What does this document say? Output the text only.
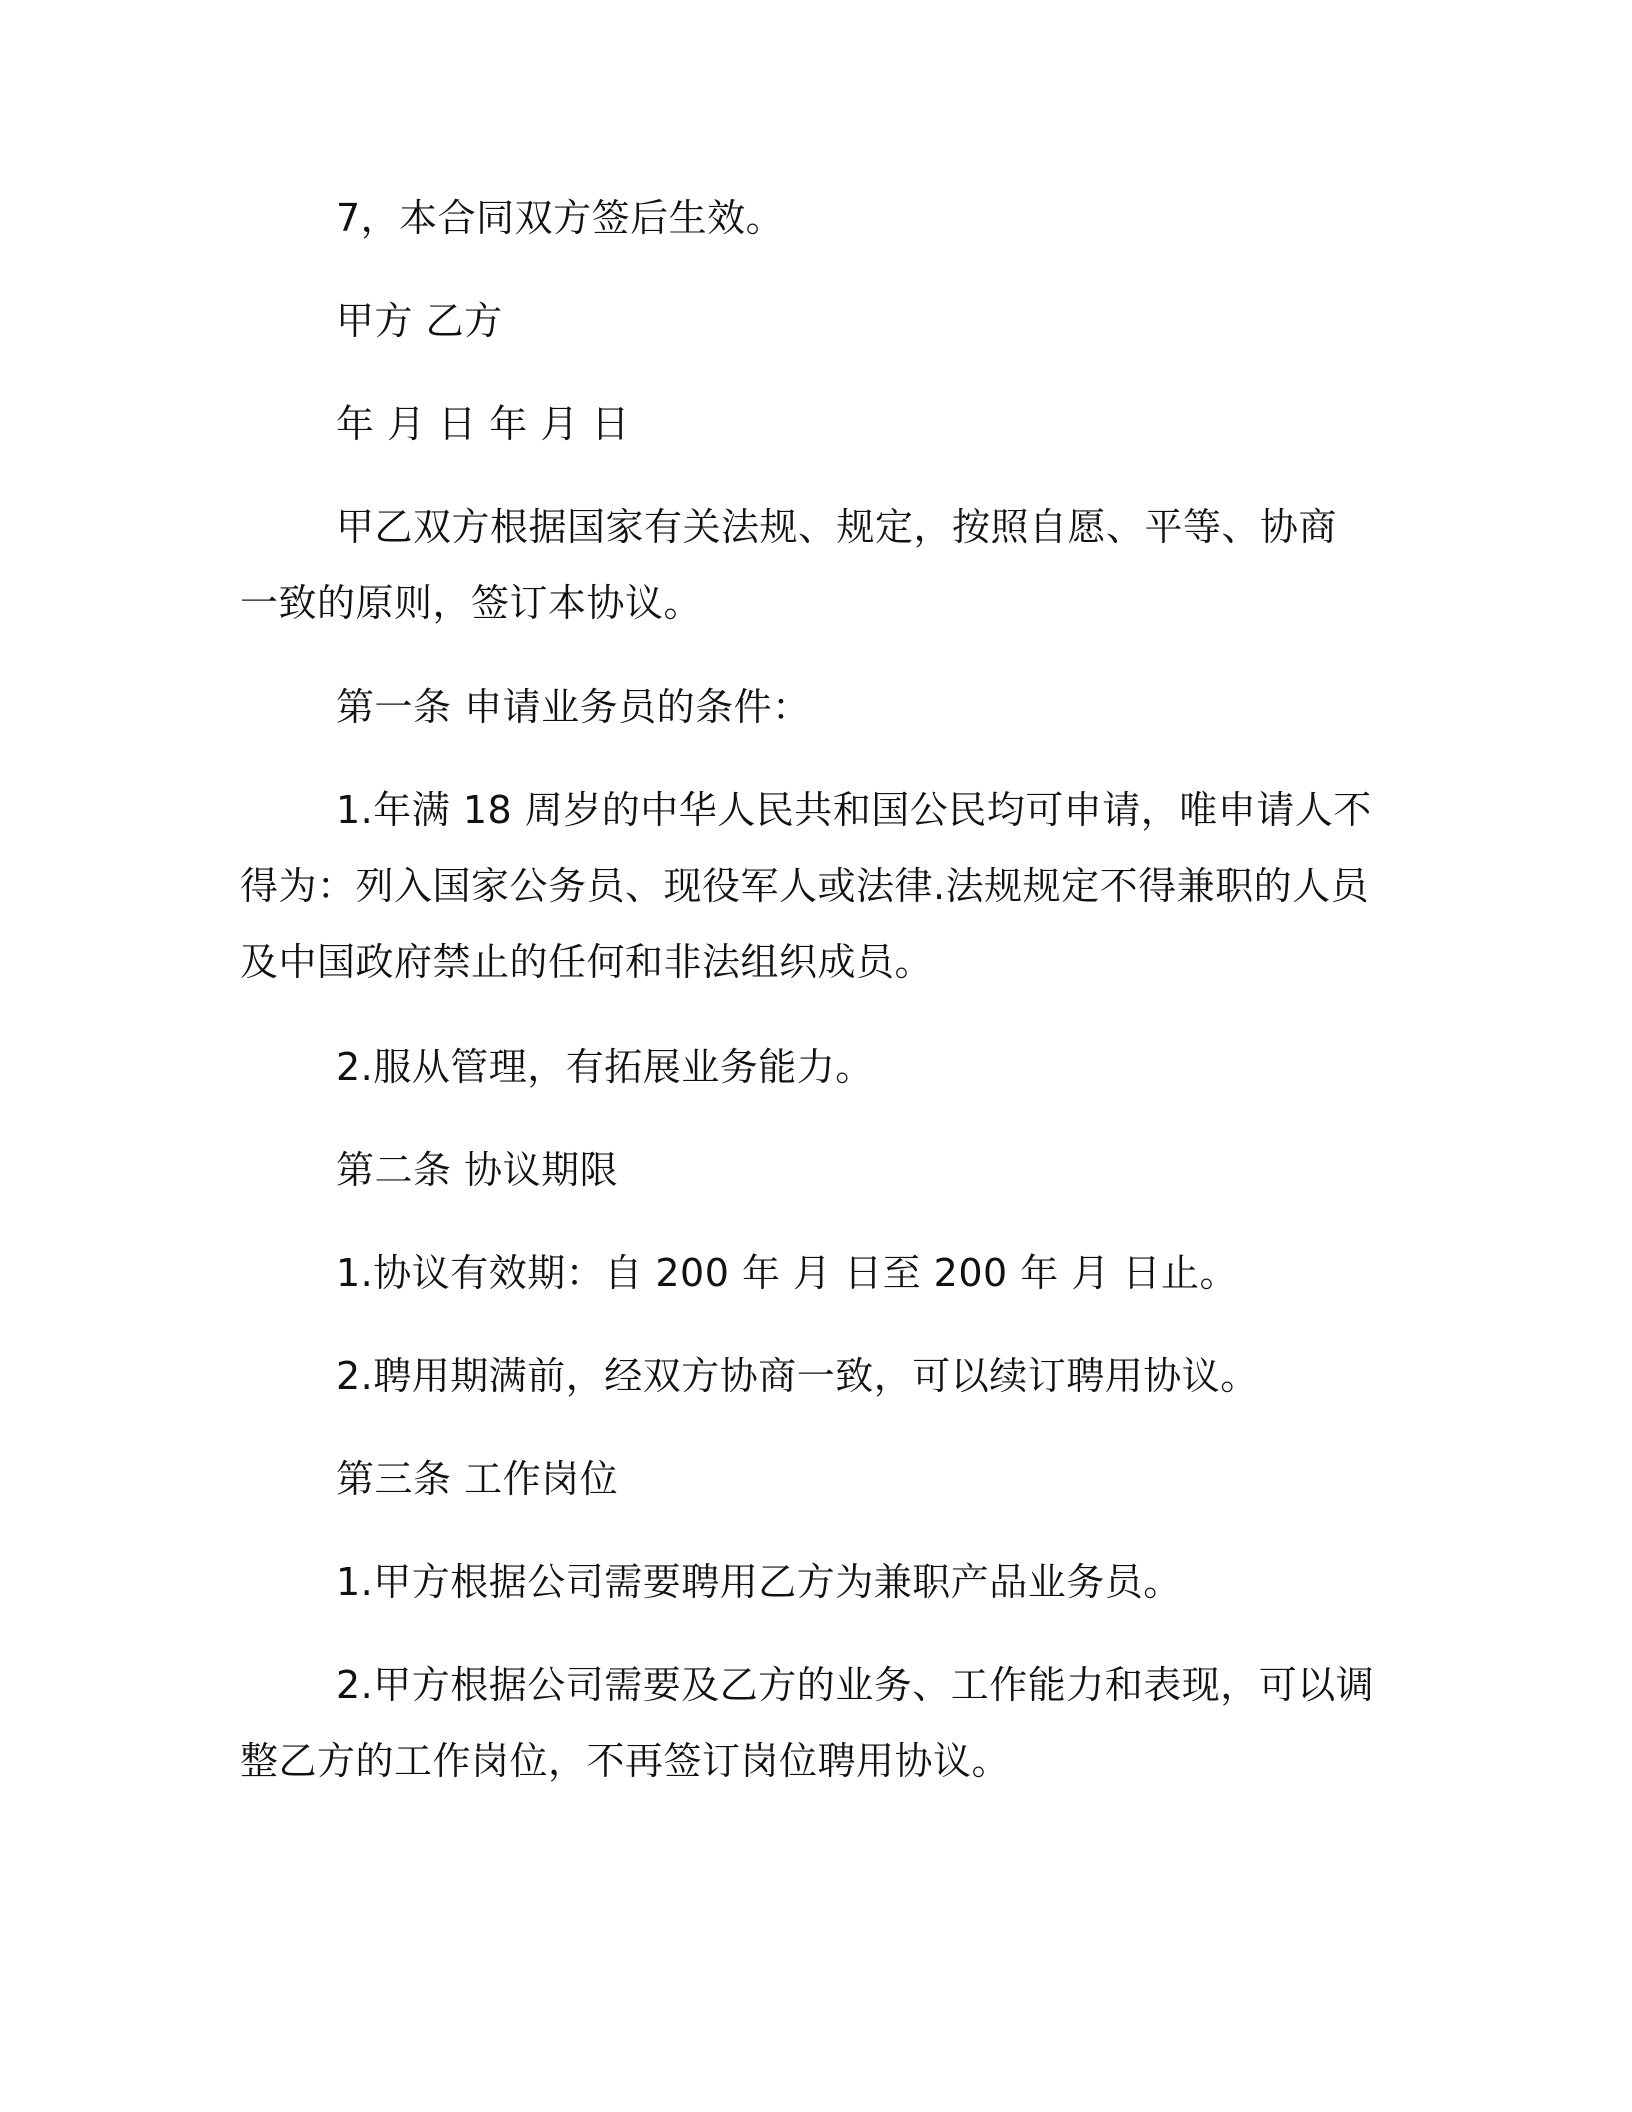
7，本合同双方签后生效。

甲方 乙方

年 月 日 年 月 日

甲乙双方根据国家有关法规、规定，按照自愿、平等、协商一致的原则，签订本协议。

第一条 申请业务员的条件：

1.年满 18 周岁的中华人民共和国公民均可申请，唯申请人不得为：列入国家公务员、现役军人或法律.法规规定不得兼职的人员及中国政府禁止的任何和非法组织成员。

2.服从管理，有拓展业务能力。

第二条 协议期限

1.协议有效期：自 200 年 月 日至 200 年 月 日止。

2.聘用期满前，经双方协商一致，可以续订聘用协议。

第三条 工作岗位

1.甲方根据公司需要聘用乙方为兼职产品业务员。

2.甲方根据公司需要及乙方的业务、工作能力和表现，可以调整乙方的工作岗位，不再签订岗位聘用协议。
